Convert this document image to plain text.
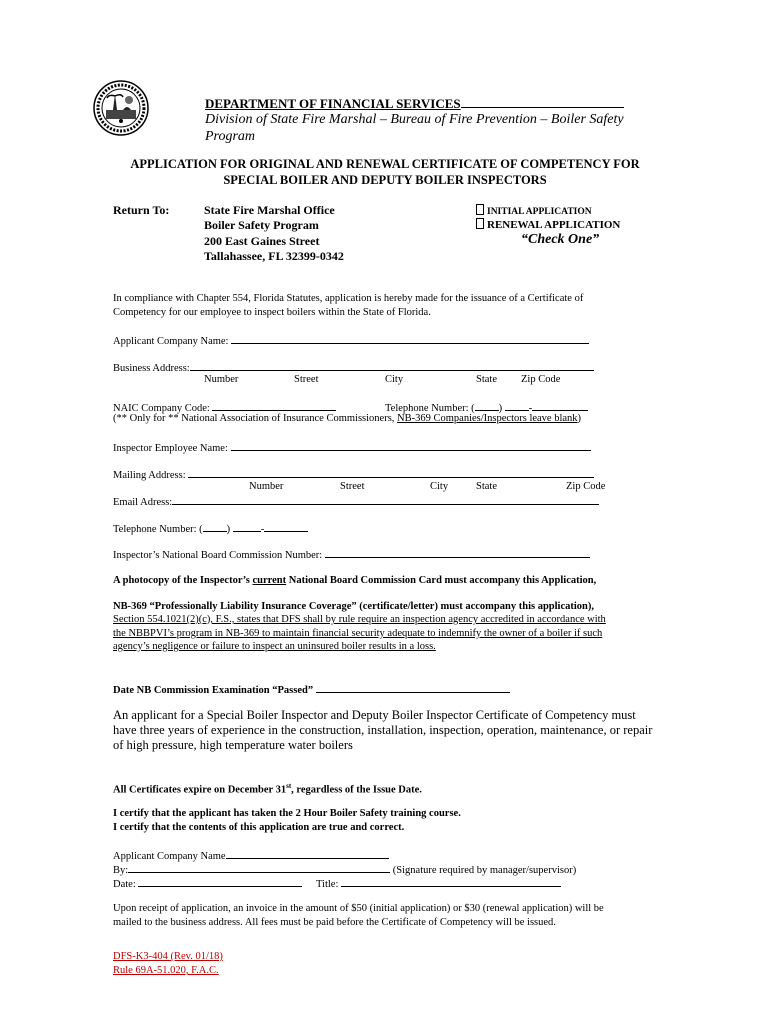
DEPARTMENT OF FINANCIAL SERVICES
Division of State Fire Marshal – Bureau of Fire Prevention – Boiler Safety
Program
APPLICATION FOR ORIGINAL AND RENEWAL CERTIFICATE OF COMPETENCY FOR
SPECIAL BOILER AND DEPUTY BOILER INSPECTORS
Return To:	State Fire Marshal Office
Boiler Safety Program
200 East Gaines Street
Tallahassee, FL 32399-0342
INITIAL APPLICATION
RENEWAL APPLICATION
“Check One”
In compliance with Chapter 554, Florida Statutes, application is hereby made for the issuance of a Certificate of
Competency for our employee to inspect boilers within the State of Florida.
Applicant Company Name:
Business Address:
Number	Street	City	State Zip Code
NAIC Company Code:	Telephone Number: ( ) -
(** Only for ** National Association of Insurance Commissioners, NB-369 Companies/Inspectors leave blank)
Inspector Employee Name:
Mailing Address:
Number	Street	City	State	Zip Code
Email Adress:
Telephone Number: ( )	-
Inspector’s National Board Commission Number:
A photocopy of the Inspector’s current National Board Commission Card must accompany this Application,
NB-369 “Professionally Liability Insurance Coverage” (certificate/letter) must accompany this application),
Section 554.1021(2)(c), F.S., states that DFS shall by rule require an inspection agency accredited in accordance with
the NBBPVI’s program in NB-369 to maintain financial security adequate to indemnify the owner of a boiler if such
agency’s negligence or failure to inspect an uninsured boiler results in a loss.
Date NB Commission Examination “Passed”
An applicant for a Special Boiler Inspector and Deputy Boiler Inspector Certificate of Competency must
have three years of experience in the construction, installation, inspection, operation, maintenance, or repair
of high pressure, high temperature water boilers
All Certificates expire on December 31st, regardless of the Issue Date.
I certify that the applicant has taken the 2 Hour Boiler Safety training course.
I certify that the contents of this application are true and correct.
Applicant Company Name
By:	(Signature required by manager/supervisor)
Date:	Title:
Upon receipt of application, an invoice in the amount of $50 (initial application) or $30 (renewal application) will be
mailed to the business address. All fees must be paid before the Certificate of Competency will be issued.
DFS-K3-404 (Rev. 01/18)
Rule 69A-51.020, F.A.C.
